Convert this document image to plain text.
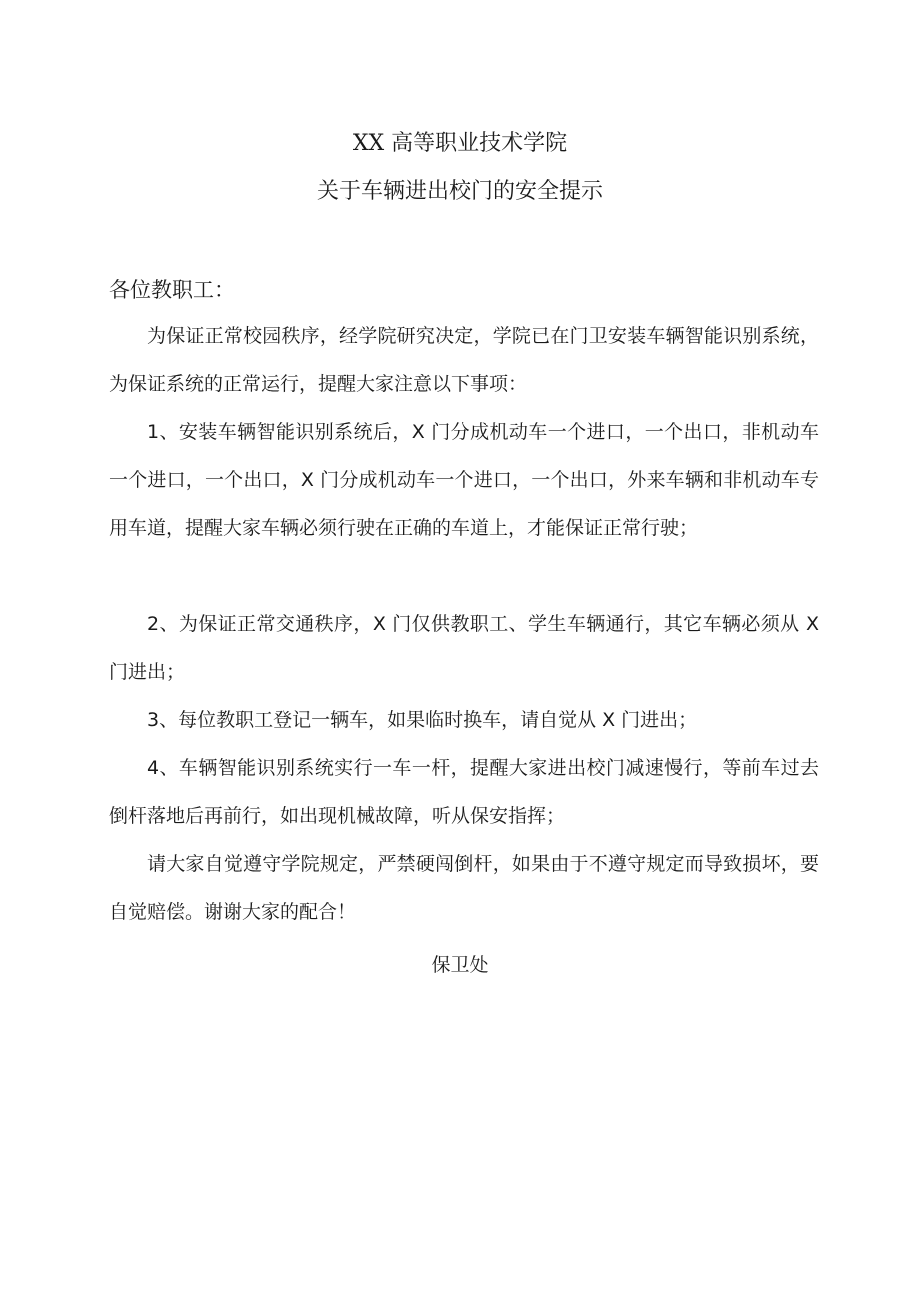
XX 高等职业技术学院
关于车辆进出校门的安全提示
各位教职工：

为保证正常校园秩序，经学院研究决定，学院已在门卫安装车辆智能识别系统，为保证系统的正常运行，提醒大家注意以下事项：

1、安装车辆智能识别系统后，X 门分成机动车一个进口，一个出口，非机动车一个进口，一个出口，X 门分成机动车一个进口，一个出口，外来车辆和非机动车专用车道，提醒大家车辆必须行驶在正确的车道上，才能保证正常行驶；

2、为保证正常交通秩序，X 门仅供教职工、学生车辆通行，其它车辆必须从 X 门进出；

3、每位教职工登记一辆车，如果临时换车，请自觉从 X 门进出；

4、车辆智能识别系统实行一车一杆，提醒大家进出校门减速慢行，等前车过去倒杆落地后再前行，如出现机械故障，听从保安指挥；

请大家自觉遵守学院规定，严禁硬闯倒杆，如果由于不遵守规定而导致损坏，要自觉赔偿。谢谢大家的配合！

保卫处
